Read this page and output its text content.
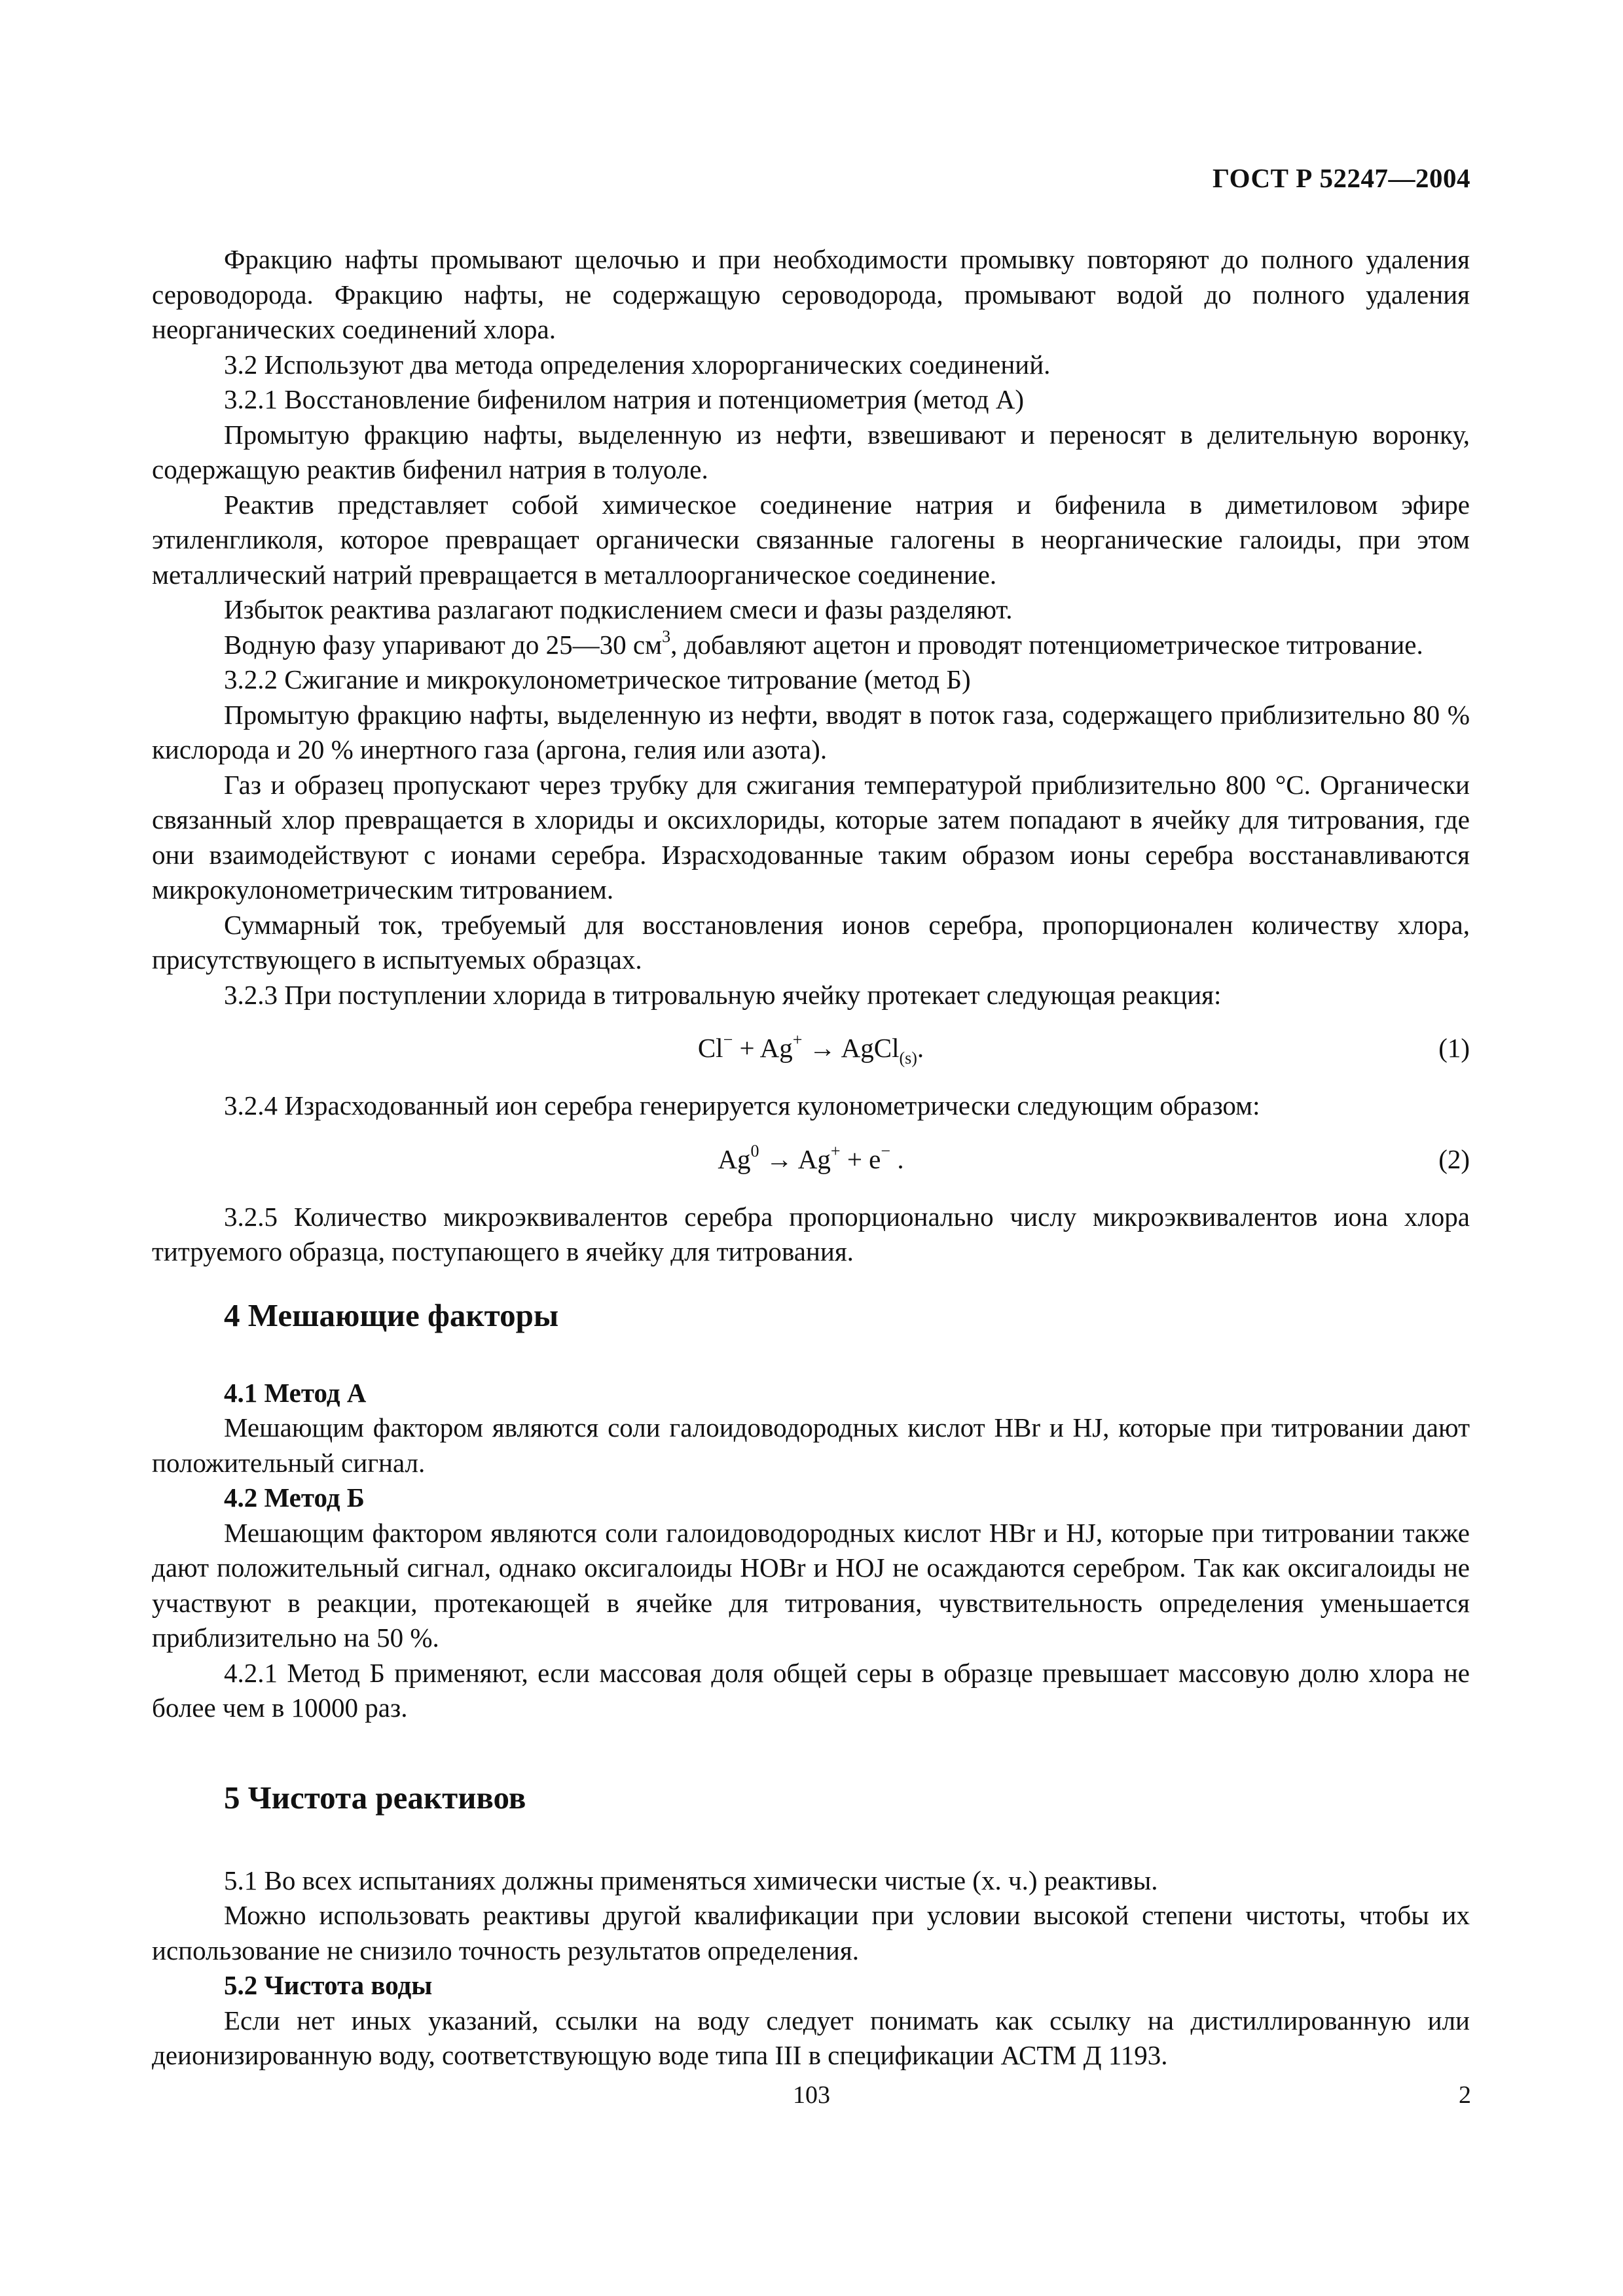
ГОСТ Р 52247—2004

Фракцию нафты промывают щелочью и при необходимости промывку повторяют до полного удаления сероводорода. Фракцию нафты, не содержащую сероводорода, промывают водой до полного удаления неорганических соединений хлора.

3.2 Используют два метода определения хлорорганических соединений.

3.2.1 Восстановление бифенилом натрия и потенциометрия (метод А)

Промытую фракцию нафты, выделенную из нефти, взвешивают и переносят в делительную воронку, содержащую реактив бифенил натрия в толуоле.

Реактив представляет собой химическое соединение натрия и бифенила в диметиловом эфире этиленгликоля, которое превращает органически связанные галогены в неорганические галоиды, при этом металлический натрий превращается в металлоорганическое соединение.

Избыток реактива разлагают подкислением смеси и фазы разделяют.

Водную фазу упаривают до 25—30 $см^3$, добавляют ацетон и проводят потенциометрическое титрование.

3.2.2 Сжигание и микрокулонометрическое титрование (метод Б)

Промытую фракцию нафты, выделенную из нефти, вводят в поток газа, содержащего приблизительно 80 % кислорода и 20 % инертного газа (аргона, гелия или азота).

Газ и образец пропускают через трубку для сжигания температурой приблизительно 800 °С. Органически связанный хлор превращается в хлориды и оксихлориды, которые затем попадают в ячейку для титрования, где они взаимодействуют с ионами серебра. Израсходованные таким образом ионы серебра восстанавливаются микрокулонометрическим титрованием.

Суммарный ток, требуемый для восстановления ионов серебра, пропорционален количеству хлора, присутствующего в испытуемых образцах.

3.2.3 При поступлении хлорида в титровальную ячейку протекает следующая реакция:

Cl− + Ag+ → AgCl$_{(s)}$.	(1)

3.2.4 Израсходованный ион серебра генерируется кулонометрически следующим образом:

$Ag^0 \to Ag^+ + e^-$ .	(2)

3.2.5 Количество микроэквивалентов серебра пропорционально числу микроэквивалентов иона хлора титруемого образца, поступающего в ячейку для титрования.

4 Мешающие факторы

4.1 Метод А

Мешающим фактором являются соли галоидоводородных кислот HBr и HJ, которые при титровании дают положительный сигнал.

4.2 Метод Б

Мешающим фактором являются соли галоидоводородных кислот HBr и HJ, которые при титровании также дают положительный сигнал, однако оксигалоиды HOBr и HOJ не осаждаются серебром. Так как оксигалоиды не участвуют в реакции, протекающей в ячейке для титрования, чувствительность определения уменьшается приблизительно на 50 %.

4.2.1 Метод Б применяют, если массовая доля общей серы в образце превышает массовую долю хлора не более чем в 10000 раз.

5 Чистота реактивов

5.1 Во всех испытаниях должны применяться химически чистые (х. ч.) реактивы.

Можно использовать реактивы другой квалификации при условии высокой степени чистоты, чтобы их использование не снизило точность результатов определения.

5.2 Чистота воды

Если нет иных указаний, ссылки на воду следует понимать как ссылку на дистиллированную или деионизированную воду, соответствующую воде типа III в спецификации АСТМ Д 1193.

103	2
